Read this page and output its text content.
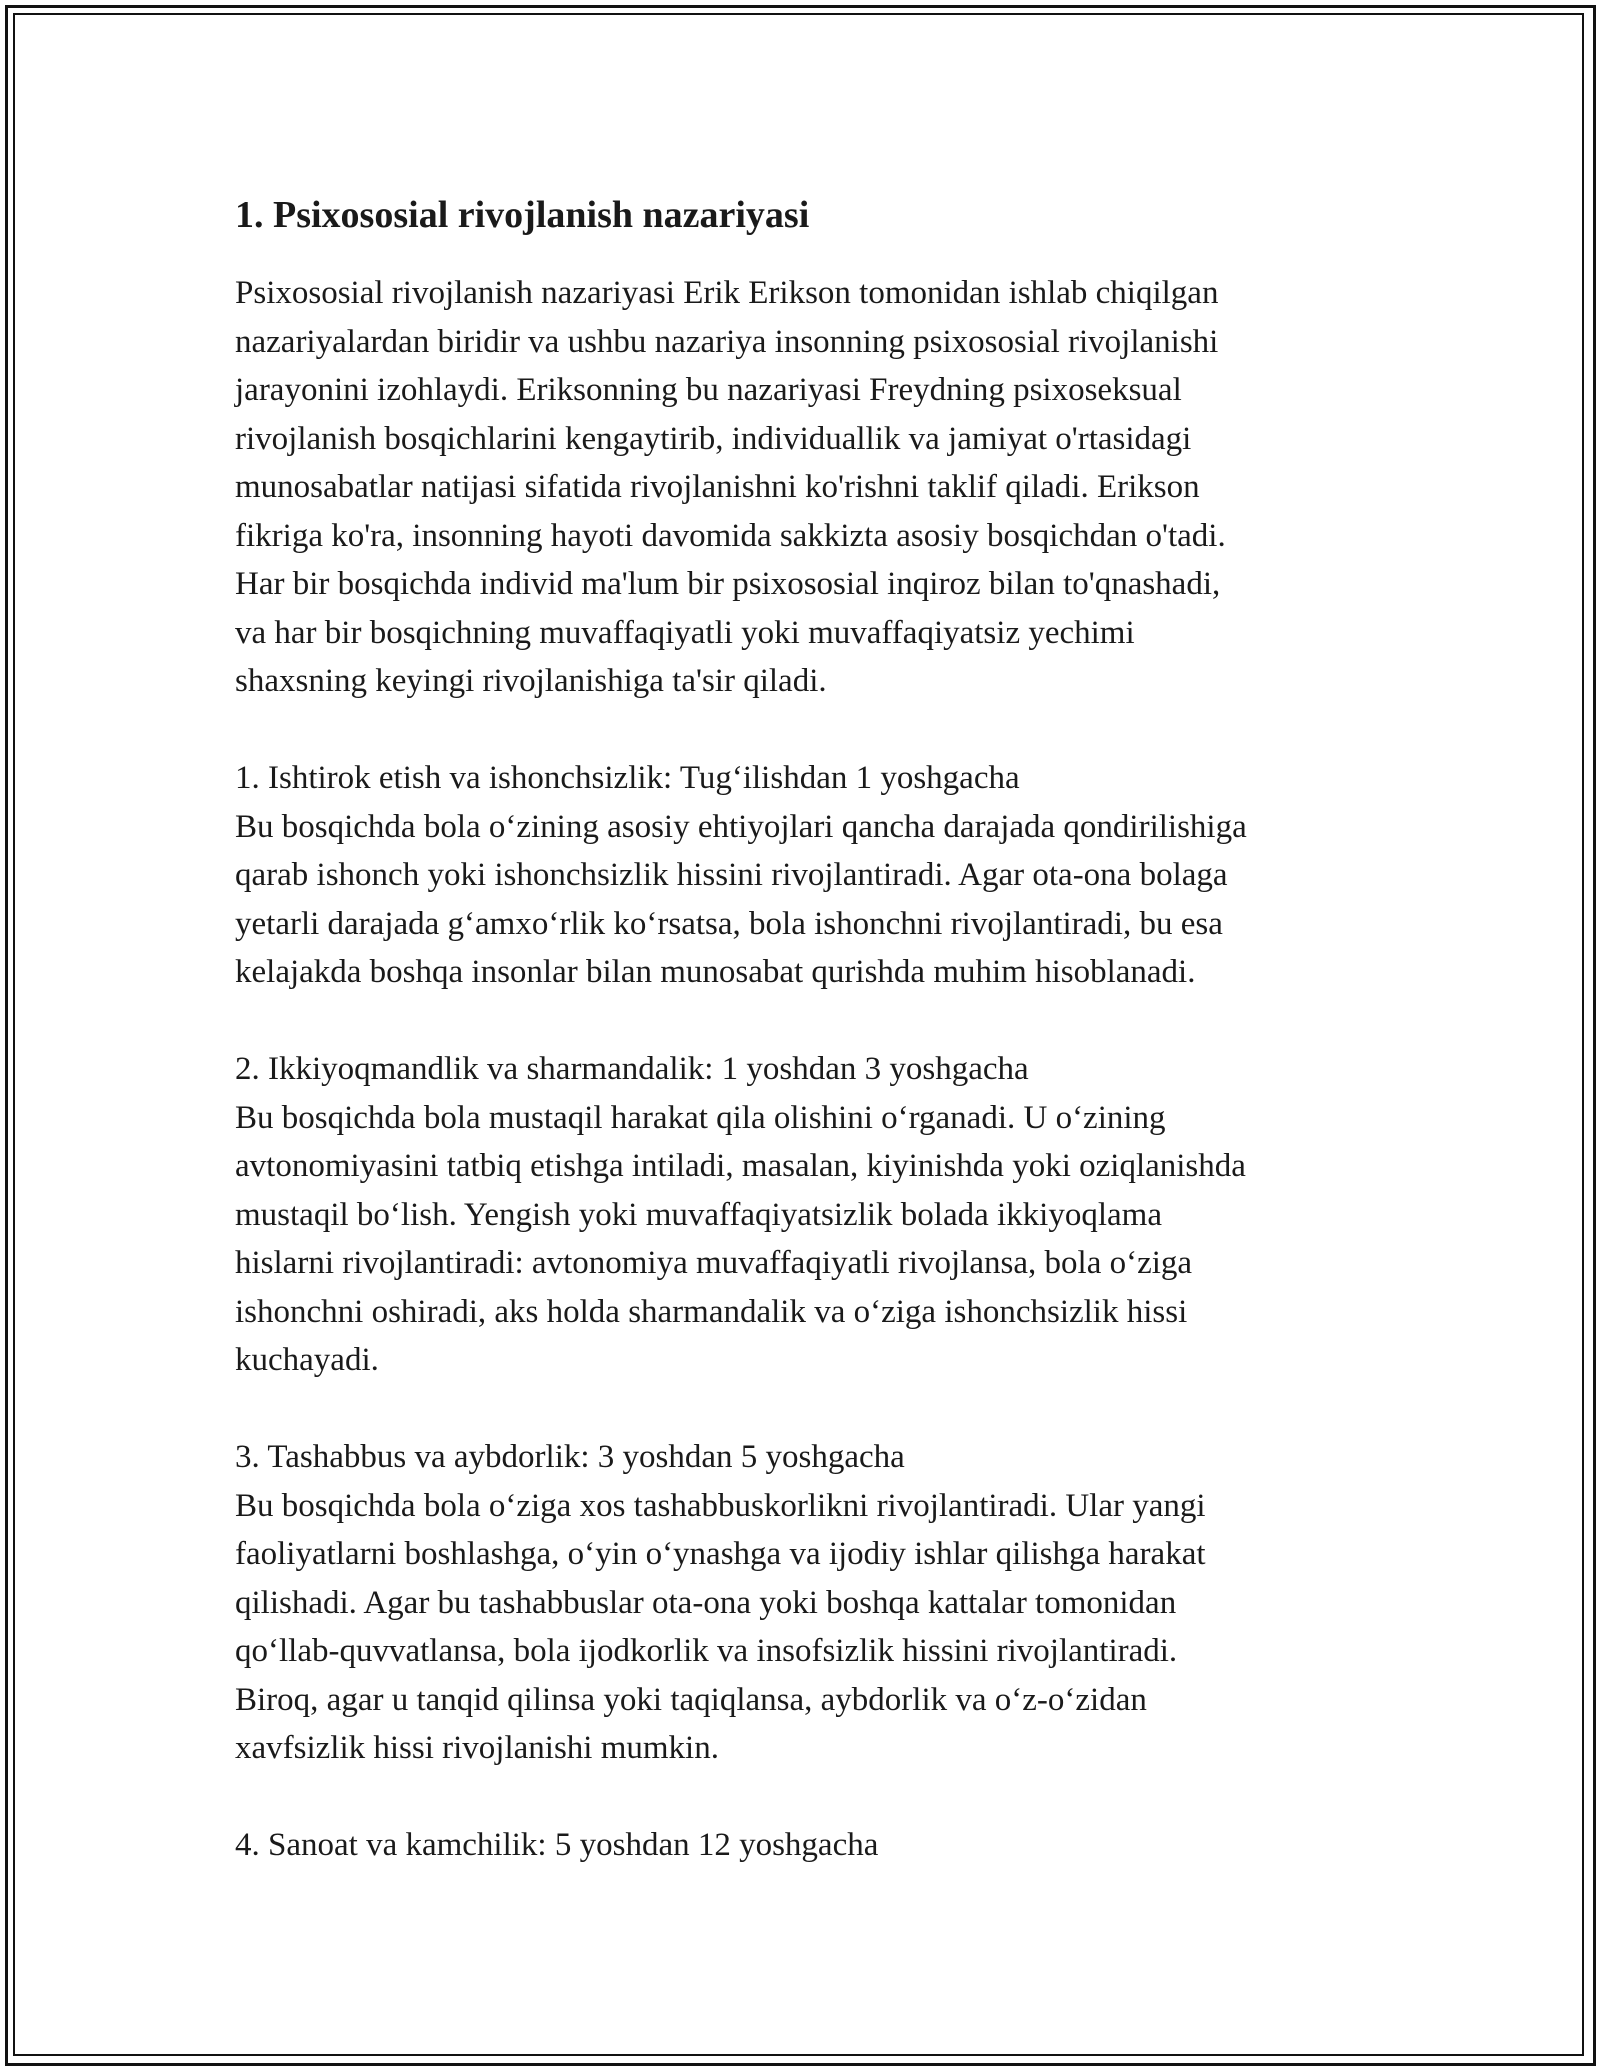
1. Psixososial rivojlanish nazariyasi

Psixososial rivojlanish nazariyasi Erik Erikson tomonidan ishlab chiqilgan
nazariyalardan biridir va ushbu nazariya insonning psixososial rivojlanishi
jarayonini izohlaydi. Eriksonning bu nazariyasi Freydning psixoseksual
rivojlanish bosqichlarini kengaytirib, individuallik va jamiyat o'rtasidagi
munosabatlar natijasi sifatida rivojlanishni ko'rishni taklif qiladi. Erikson
fikriga ko'ra, insonning hayoti davomida sakkizta asosiy bosqichdan o'tadi.
Har bir bosqichda individ ma'lum bir psixososial inqiroz bilan to'qnashadi,
va har bir bosqichning muvaffaqiyatli yoki muvaffaqiyatsiz yechimi
shaxsning keyingi rivojlanishiga ta'sir qiladi.

1. Ishtirok etish va ishonchsizlik: Tug‘ilishdan 1 yoshgacha

Bu bosqichda bola o‘zining asosiy ehtiyojlari qancha darajada qondirilishiga
qarab ishonch yoki ishonchsizlik hissini rivojlantiradi. Agar ota-ona bolaga
yetarli darajada g‘amxo‘rlik ko‘rsatsa, bola ishonchni rivojlantiradi, bu esa
kelajakda boshqa insonlar bilan munosabat qurishda muhim hisoblanadi.

2. Ikkiyoqmandlik va sharmandalik: 1 yoshdan 3 yoshgacha

Bu bosqichda bola mustaqil harakat qila olishini o‘rganadi. U o‘zining
avtonomiyasini tatbiq etishga intiladi, masalan, kiyinishda yoki oziqlanishda
mustaqil bo‘lish. Yengish yoki muvaffaqiyatsizlik bolada ikkiyoqlama
hislarni rivojlantiradi: avtonomiya muvaffaqiyatli rivojlansa, bola o‘ziga
ishonchni oshiradi, aks holda sharmandalik va o‘ziga ishonchsizlik hissi
kuchayadi.

3. Tashabbus va aybdorlik: 3 yoshdan 5 yoshgacha

Bu bosqichda bola o‘ziga xos tashabbuskorlikni rivojlantiradi. Ular yangi
faoliyatlarni boshlashga, o‘yin o‘ynashga va ijodiy ishlar qilishga harakat
qilishadi. Agar bu tashabbuslar ota-ona yoki boshqa kattalar tomonidan
qo‘llab-quvvatlansa, bola ijodkorlik va insofsizlik hissini rivojlantiradi.
Biroq, agar u tanqid qilinsa yoki taqiqlansa, aybdorlik va o‘z-o‘zidan
xavfsizlik hissi rivojlanishi mumkin.

4. Sanoat va kamchilik: 5 yoshdan 12 yoshgacha
